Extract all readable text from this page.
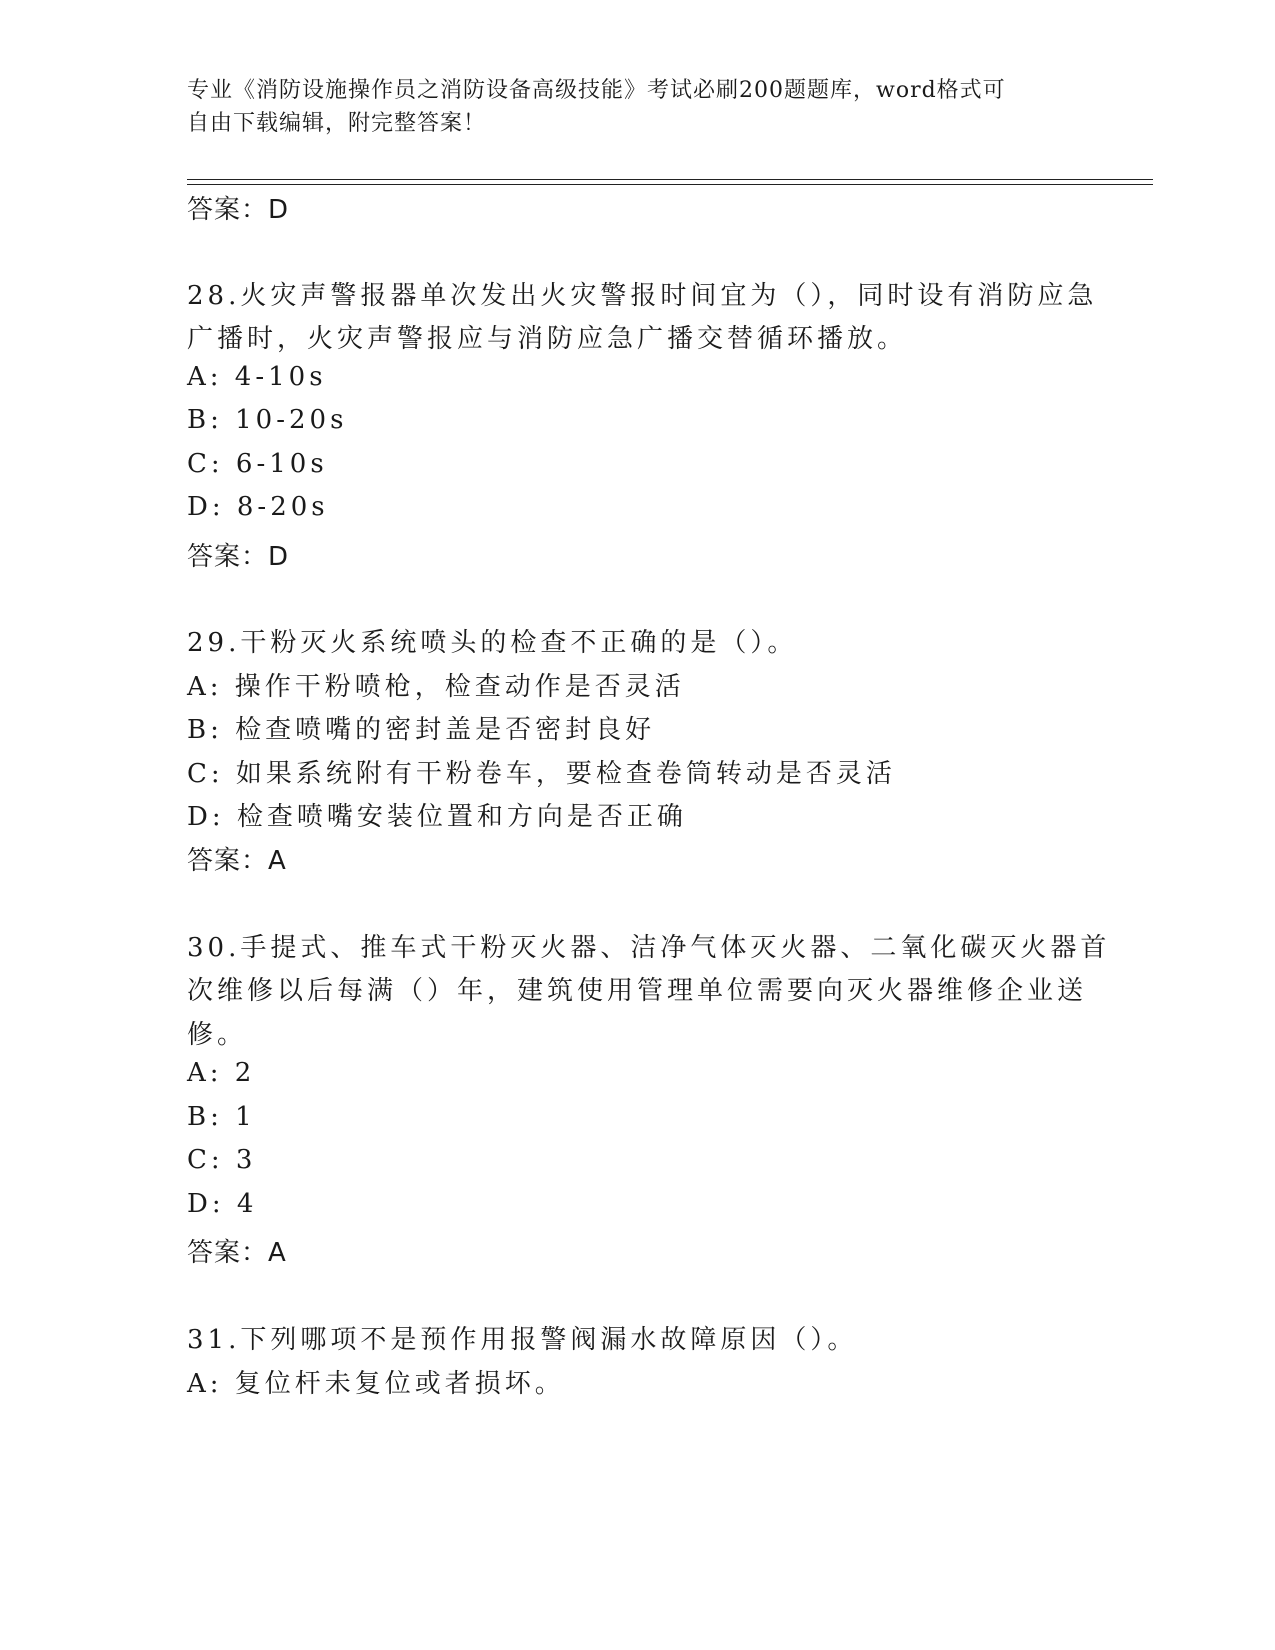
专业《消防设施操作员之消防设备高级技能》考试必刷200题题库，word格式可
自由下载编辑，附完整答案！
答案：D
28.火灾声警报器单次发出火灾警报时间宜为（），同时设有消防应急
广播时，火灾声警报应与消防应急广播交替循环播放。
A: 4-10s
B: 10-20s
C: 6-10s
D: 8-20s
答案：D
29.干粉灭火系统喷头的检查不正确的是（）。
A: 操作干粉喷枪，检查动作是否灵活
B: 检查喷嘴的密封盖是否密封良好
C: 如果系统附有干粉卷车，要检查卷筒转动是否灵活
D: 检查喷嘴安装位置和方向是否正确
答案：A
30.手提式、推车式干粉灭火器、洁净气体灭火器、二氧化碳灭火器首
次维修以后每满（）年，建筑使用管理单位需要向灭火器维修企业送
修。
A: 2
B: 1
C: 3
D: 4
答案：A
31.下列哪项不是预作用报警阀漏水故障原因（）。
A: 复位杆未复位或者损坏。
